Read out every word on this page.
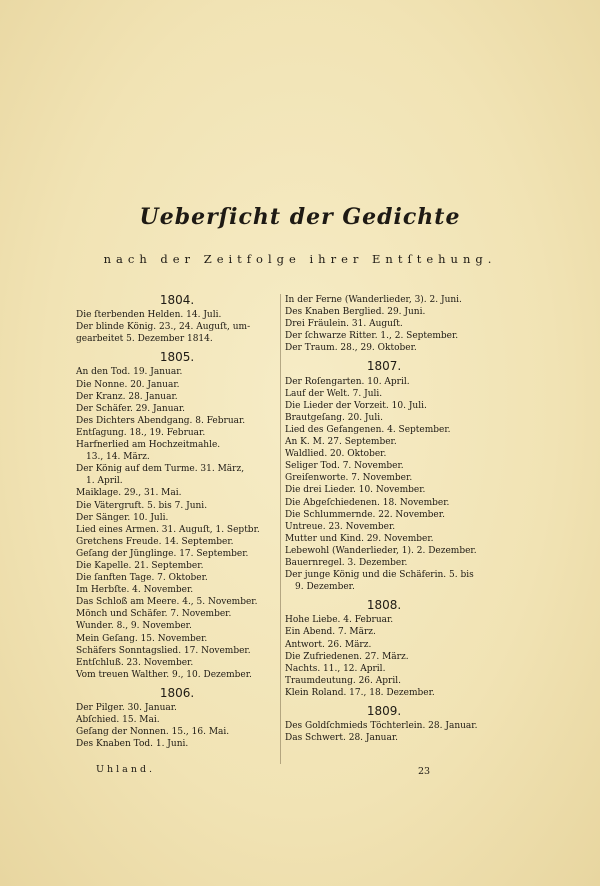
Ueberſicht der Gedichte

nach der Zeitfolge ihrer Entſtehung.

1804.

Die ſterbenden Helden. 14. Juli.

Der blinde König. 23., 24. Auguſt, um-

gearbeitet 5. Dezember 1814.

1805.

An den Tod. 19. Januar.

Die Nonne. 20. Januar.

Der Kranz. 28. Januar.

Der Schäfer. 29. Januar.

Des Dichters Abendgang. 8. Februar.

Entſagung. 18., 19. Februar.

Harfnerlied am Hochzeitmahle.

13., 14. März.

Der König auf dem Turme. 31. März,

1. April.

Maiklage. 29., 31. Mai.

Die Vätergruft. 5. bis 7. Juni.

Der Sänger. 10. Juli.

Lied eines Armen. 31. Auguſt, 1. Septbr.

Gretchens Freude. 14. September.

Geſang der Jünglinge. 17. September.

Die Kapelle. 21. September.

Die ſanften Tage. 7. Oktober.

Im Herbſte. 4. November.

Das Schloß am Meere. 4., 5. November.

Mönch und Schäfer. 7. November.

Wunder. 8., 9. November.

Mein Geſang. 15. November.

Schäfers Sonntagslied. 17. November.

Entſchluß. 23. November.

Vom treuen Walther. 9., 10. Dezember.

1806.

Der Pilger. 30. Januar.

Abſchied. 15. Mai.

Geſang der Nonnen. 15., 16. Mai.

Des Knaben Tod. 1. Juni.

In der Ferne (Wanderlieder, 3). 2. Juni.

Des Knaben Berglied. 29. Juni.

Drei Fräulein. 31. Auguſt.

Der ſchwarze Ritter. 1., 2. September.

Der Traum. 28., 29. Oktober.

1807.

Der Roſengarten. 10. April.

Lauf der Welt. 7. Juli.

Die Lieder der Vorzeit. 10. Juli.

Brautgeſang. 20. Juli.

Lied des Gefangenen. 4. September.

An K. M. 27. September.

Waldlied. 20. Oktober.

Seliger Tod. 7. November.

Greiſenworte. 7. November.

Die drei Lieder. 10. November.

Die Abgeſchiedenen. 18. November.

Die Schlummernde. 22. November.

Untreue. 23. November.

Mutter und Kind. 29. November.

Lebewohl (Wanderlieder, 1). 2. Dezember.

Bauernregel. 3. Dezember.

Der junge König und die Schäferin. 5. bis

9. Dezember.

1808.

Hohe Liebe. 4. Februar.

Ein Abend. 7. März.

Antwort. 26. März.

Die Zufriedenen. 27. März.

Nachts. 11., 12. April.

Traumdeutung. 26. April.

Klein Roland. 17., 18. Dezember.

1809.

Des Goldſchmieds Töchterlein. 28. Januar.

Das Schwert. 28. Januar.

Uhland.	23
